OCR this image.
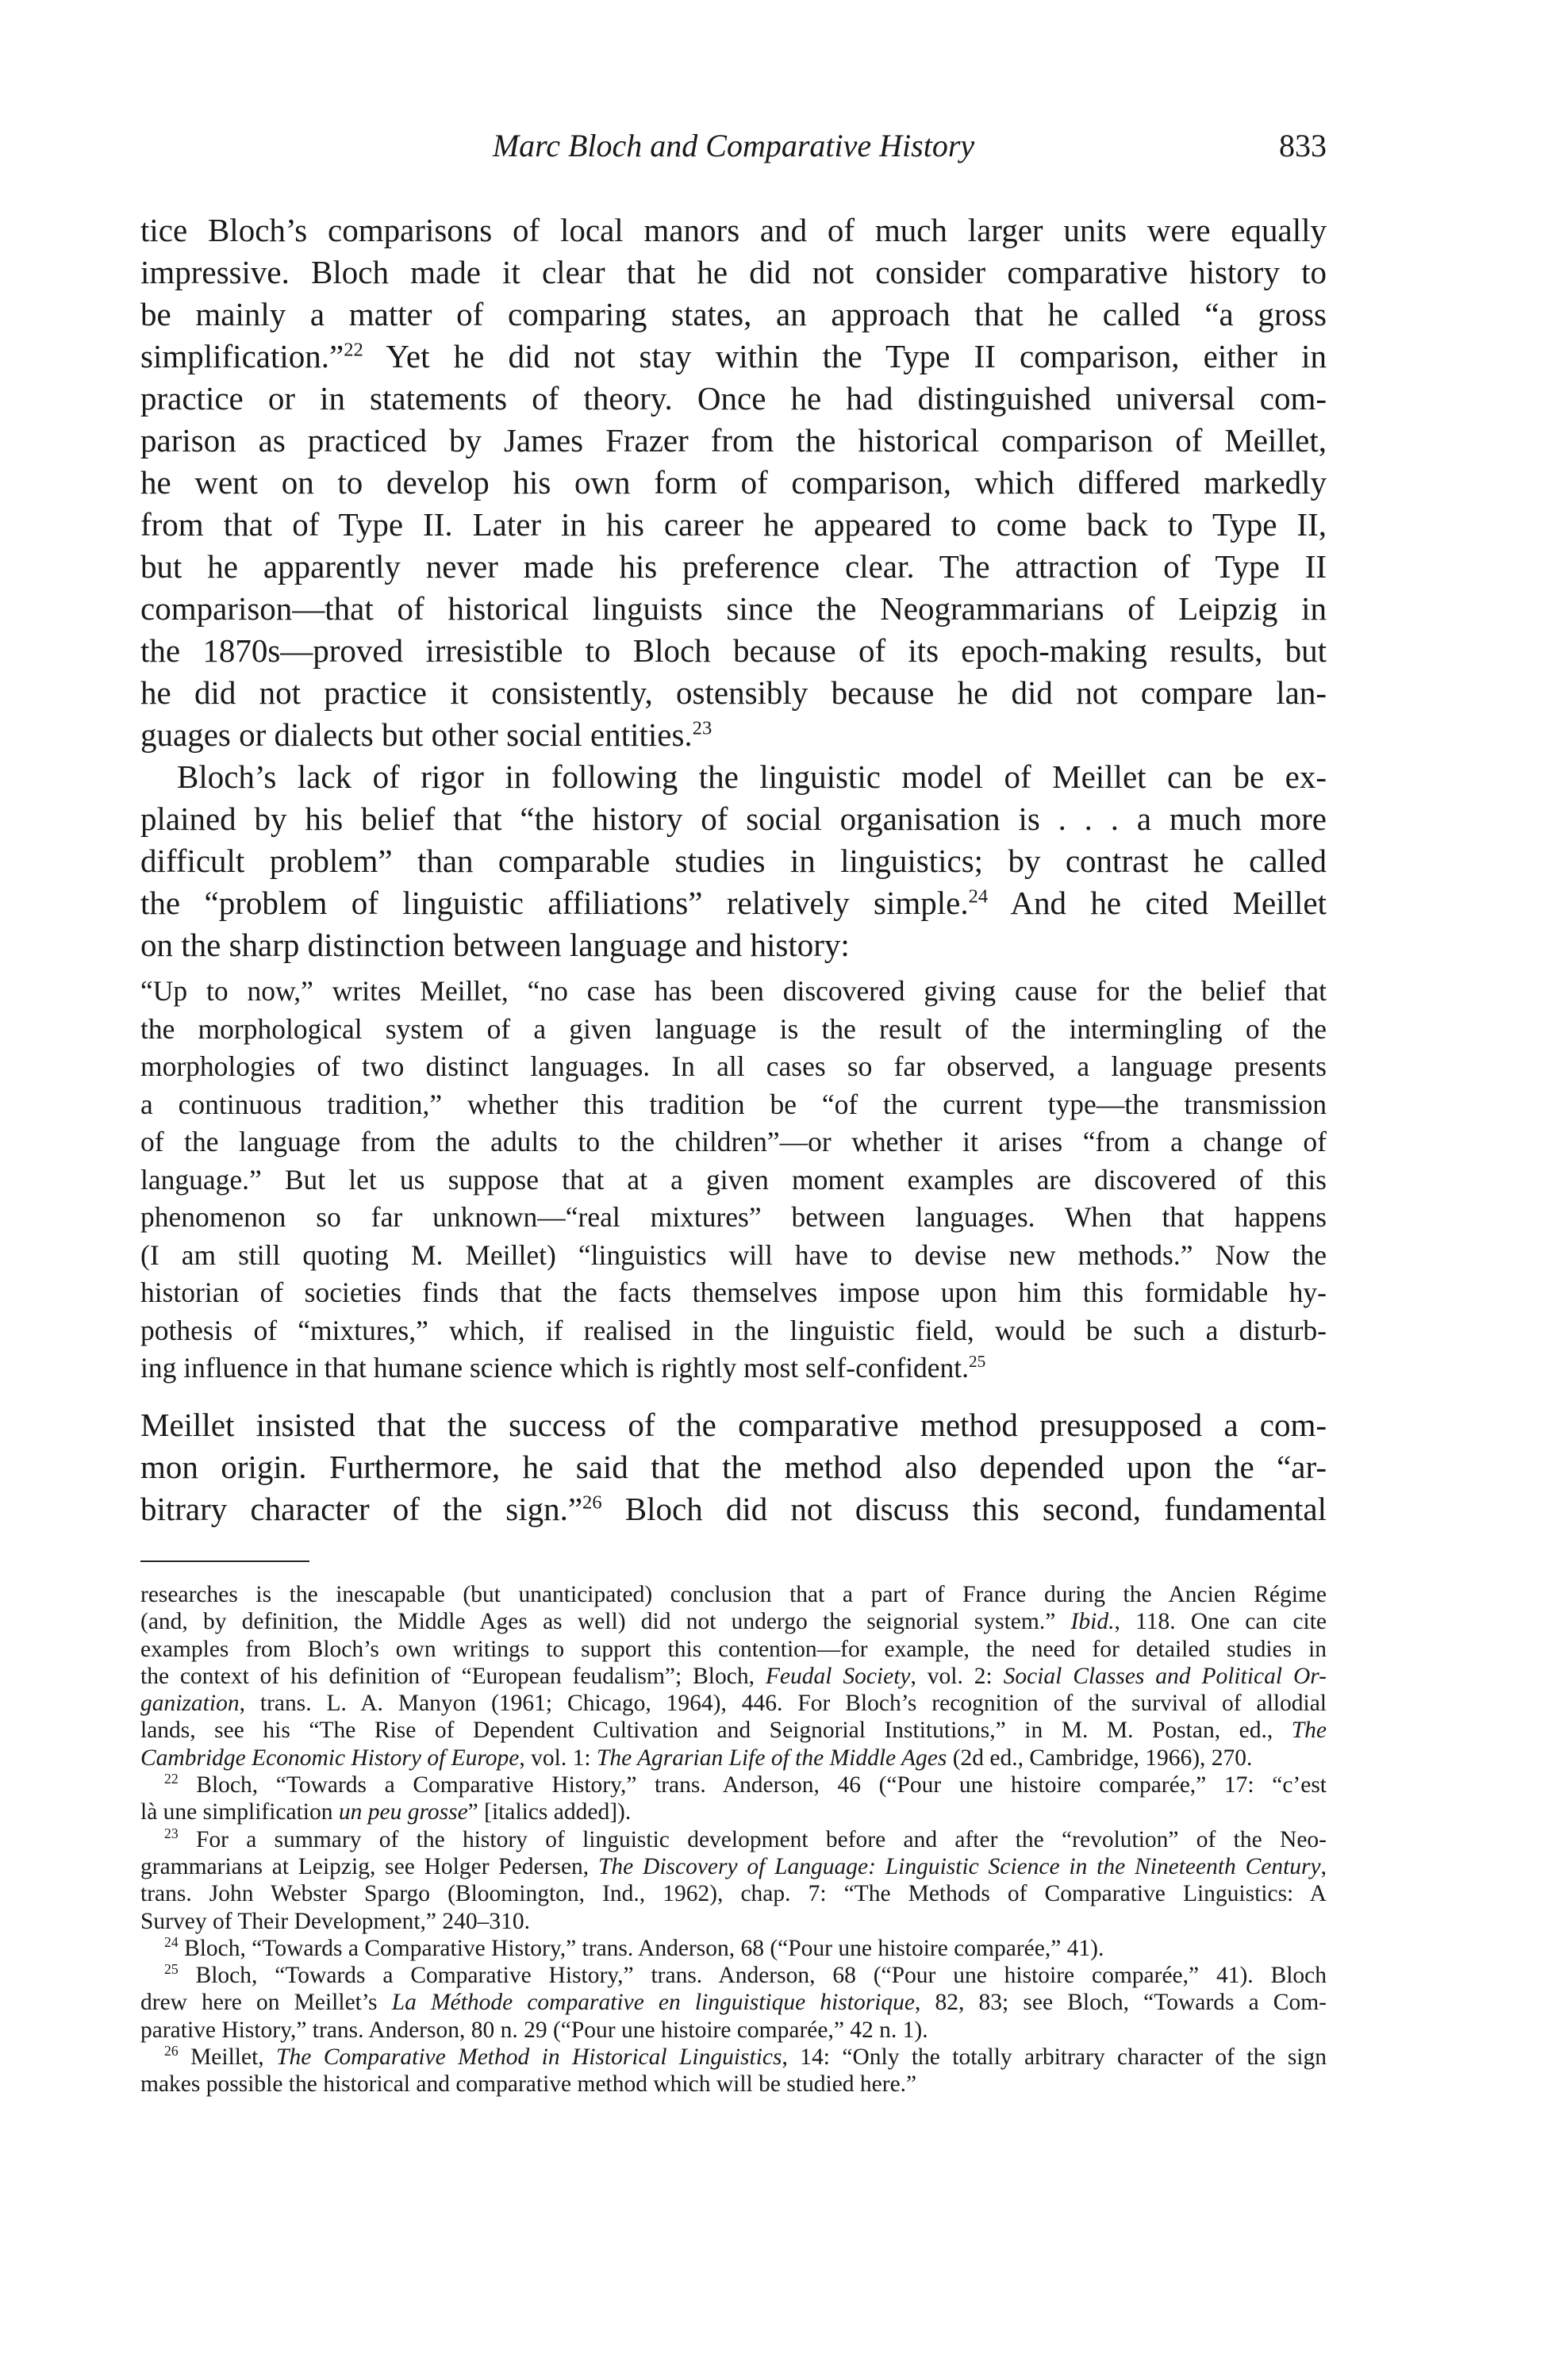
Marc Bloch and Comparative History	833
tice Bloch’s comparisons of local manors and of much larger units were equally
impressive. Bloch made it clear that he did not consider comparative history to
be mainly a matter of comparing states, an approach that he called “a gross
simplification.”$^{22}$ Yet he did not stay within the Type II comparison, either in
practice or in statements of theory. Once he had distinguished universal com-
parison as practiced by James Frazer from the historical comparison of Meillet,
he went on to develop his own form of comparison, which differed markedly
from that of Type II. Later in his career he appeared to come back to Type II,
but he apparently never made his preference clear. The attraction of Type II
comparison—that of historical linguists since the Neogrammarians of Leipzig in
the 1870s—proved irresistible to Bloch because of its epoch-making results, but
he did not practice it consistently, ostensibly because he did not compare lan-
guages or dialects but other social entities.$^{23}$
Bloch’s lack of rigor in following the linguistic model of Meillet can be ex-
plained by his belief that “the history of social organisation is . . . a much more
difficult problem” than comparable studies in linguistics; by contrast he called
the “problem of linguistic affiliations” relatively simple.$^{24}$ And he cited Meillet
on the sharp distinction between language and history:
“Up to now,” writes Meillet, “no case has been discovered giving cause for the belief that
the morphological system of a given language is the result of the intermingling of the
morphologies of two distinct languages. In all cases so far observed, a language presents
a continuous tradition,” whether this tradition be “of the current type—the transmission
of the language from the adults to the children”—or whether it arises “from a change of
language.” But let us suppose that at a given moment examples are discovered of this
phenomenon so far unknown—“real mixtures” between languages. When that happens
(I am still quoting M. Meillet) “linguistics will have to devise new methods.” Now the
historian of societies finds that the facts themselves impose upon him this formidable hy-
pothesis of “mixtures,” which, if realised in the linguistic field, would be such a disturb-
ing influence in that humane science which is rightly most self-confident.$^{25}$
Meillet insisted that the success of the comparative method presupposed a com-
mon origin. Furthermore, he said that the method also depended upon the “ar-
bitrary character of the sign.”$^{26}$ Bloch did not discuss this second, fundamental
researches is the inescapable (but unanticipated) conclusion that a part of France during the Ancien Régime
(and, by definition, the Middle Ages as well) did not undergo the seignorial system.” Ibid., 118. One can cite
examples from Bloch’s own writings to support this contention—for example, the need for detailed studies in
the context of his definition of “European feudalism”; Bloch, Feudal Society, vol. 2: Social Classes and Political Or-
ganization, trans. L. A. Manyon (1961; Chicago, 1964), 446. For Bloch’s recognition of the survival of allodial
lands, see his “The Rise of Dependent Cultivation and Seignorial Institutions,” in M. M. Postan, ed., The
Cambridge Economic History of Europe, vol. 1: The Agrarian Life of the Middle Ages (2d ed., Cambridge, 1966), 270.
$^{22}$ Bloch, “Towards a Comparative History,” trans. Anderson, 46 (“Pour une histoire comparée,” 17: “c’est
là une simplification un peu grosse” [italics added]).
$^{23}$ For a summary of the history of linguistic development before and after the “revolution” of the Neo-
grammarians at Leipzig, see Holger Pedersen, The Discovery of Language: Linguistic Science in the Nineteenth Century,
trans. John Webster Spargo (Bloomington, Ind., 1962), chap. 7: “The Methods of Comparative Linguistics: A
Survey of Their Development,” 240–310.
$^{24}$ Bloch, “Towards a Comparative History,” trans. Anderson, 68 (“Pour une histoire comparée,” 41).
$^{25}$ Bloch, “Towards a Comparative History,” trans. Anderson, 68 (“Pour une histoire comparée,” 41). Bloch
drew here on Meillet’s La Méthode comparative en linguistique historique, 82, 83; see Bloch, “Towards a Com-
parative History,” trans. Anderson, 80 n. 29 (“Pour une histoire comparée,” 42 n. 1).
$^{26}$ Meillet, The Comparative Method in Historical Linguistics, 14: “Only the totally arbitrary character of the sign
makes possible the historical and comparative method which will be studied here.”
